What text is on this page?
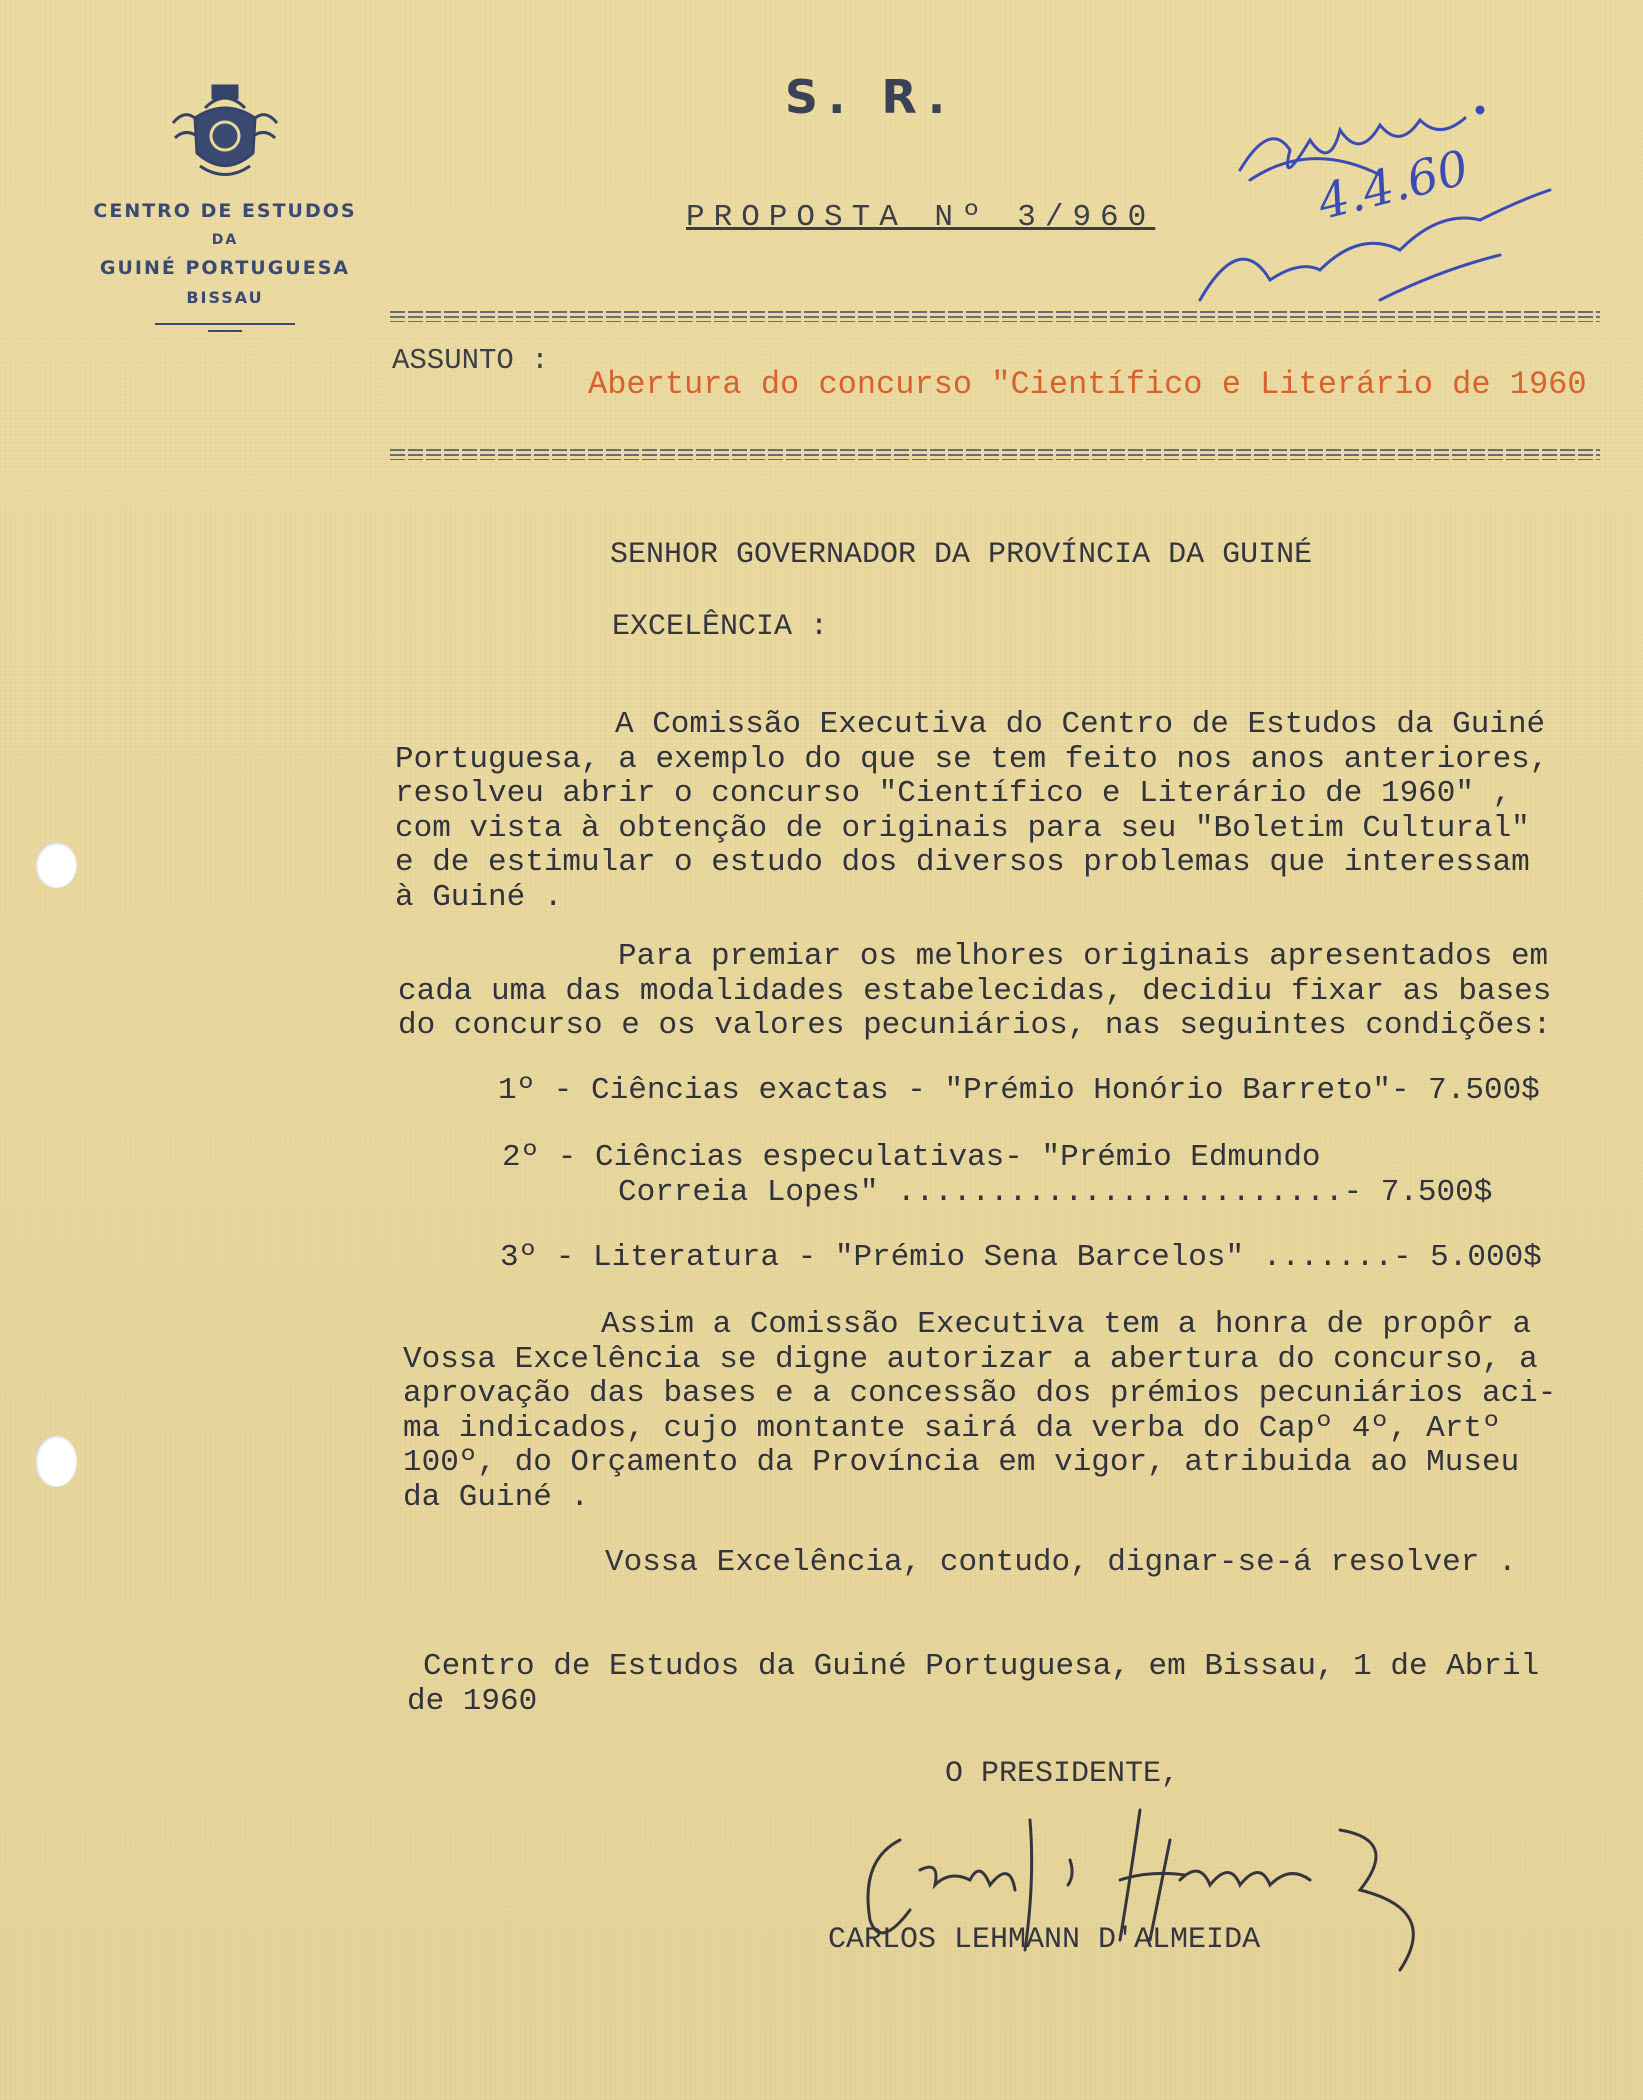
CENTRO DE ESTUDOS
DA
GUINÉ PORTUGUESA
BISSAU
S. R.
PROPOSTA Nº 3/960	4.4.60
ASSUNTO :
Abertura do concurso "Científico e Literário de 1960
SENHOR GOVERNADOR DA PROVÍNCIA DA GUINÉ
EXCELÊNCIA :
A Comissão Executiva do Centro de Estudos da Guiné
Portuguesa, a exemplo do que se tem feito nos anos anteriores,
resolveu abrir o concurso "Científico e Literário de 1960" ,
com vista à obtenção de originais para seu "Boletim Cultural"
e de estimular o estudo dos diversos problemas que interessam
à Guiné .
Para premiar os melhores originais apresentados em
cada uma das modalidades estabelecidas, decidiu fixar as bases
do concurso e os valores pecuniários, nas seguintes condições:
1º - Ciências exactas - "Prémio Honório Barreto"- 7.500$
2º - Ciências especulativas- "Prémio Edmundo
Correia Lopes" ........................- 7.500$
3º - Literatura - "Prémio Sena Barcelos" .......- 5.000$
Assim a Comissão Executiva tem a honra de propôr a
Vossa Excelência se digne autorizar a abertura do concurso, a
aprovação das bases e a concessão dos prémios pecuniários aci-
ma indicados, cujo montante sairá da verba do Capº 4º, Artº
100º, do Orçamento da Província em vigor, atribuida ao Museu
da Guiné .
Vossa Excelência, contudo, dignar-se-á resolver .
Centro de Estudos da Guiné Portuguesa, em Bissau, 1 de Abril
de 1960
O PRESIDENTE,
CARLOS LEHMANN D'ALMEIDA
